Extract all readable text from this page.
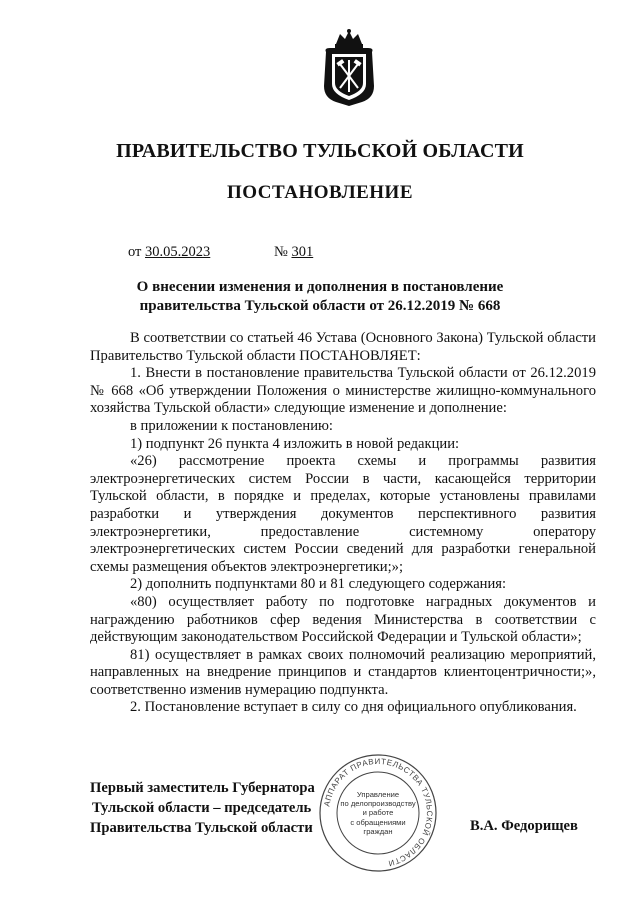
ПРАВИТЕЛЬСТВО ТУЛЬСКОЙ ОБЛАСТИ
ПОСТАНОВЛЕНИЕ
от 30.05.2023	№ 301
О внесении изменения и дополнения в постановление
правительства Тульской области от 26.12.2019 № 668

В соответствии со статьей 46 Устава (Основного Закона) Тульской области Правительство Тульской области ПОСТАНОВЛЯЕТ:

1. Внести в постановление правительства Тульской области от 26.12.2019 № 668 «Об утверждении Положения о министерстве жилищно-коммунального хозяйства Тульской области» следующие изменение и дополнение:

в приложении к постановлению:

1) подпункт 26 пункта 4 изложить в новой редакции:

«26) рассмотрение проекта схемы и программы развития электроэнергетических систем России в части, касающейся территории Тульской области, в порядке и пределах, которые установлены правилами разработки и утверждения документов перспективного развития электроэнергетики, предоставление системному оператору электроэнергетических систем России сведений для разработки генеральной схемы размещения объектов электроэнергетики;»;

2) дополнить подпунктами 80 и 81 следующего содержания:

«80) осуществляет работу по подготовке наградных документов и награждению работников сфер ведения Министерства в соответствии с действующим законодательством Российской Федерации и Тульской области»;

81) осуществляет в рамках своих полномочий реализацию мероприятий, направленных на внедрение принципов и стандартов клиентоцентричности;», соответственно изменив нумерацию подпункта.

2. Постановление вступает в силу со дня официального опубликования.

АППАРАТ ПРАВИТЕЛЬСТВА ТУЛЬСКОЙ ОБЛАСТИ
Управление
по делопроизводству
и работе
с обращениями
граждан
Первый заместитель Губернатора
Тульской области – председатель
Правительства Тульской области	В.А. Федорищев
